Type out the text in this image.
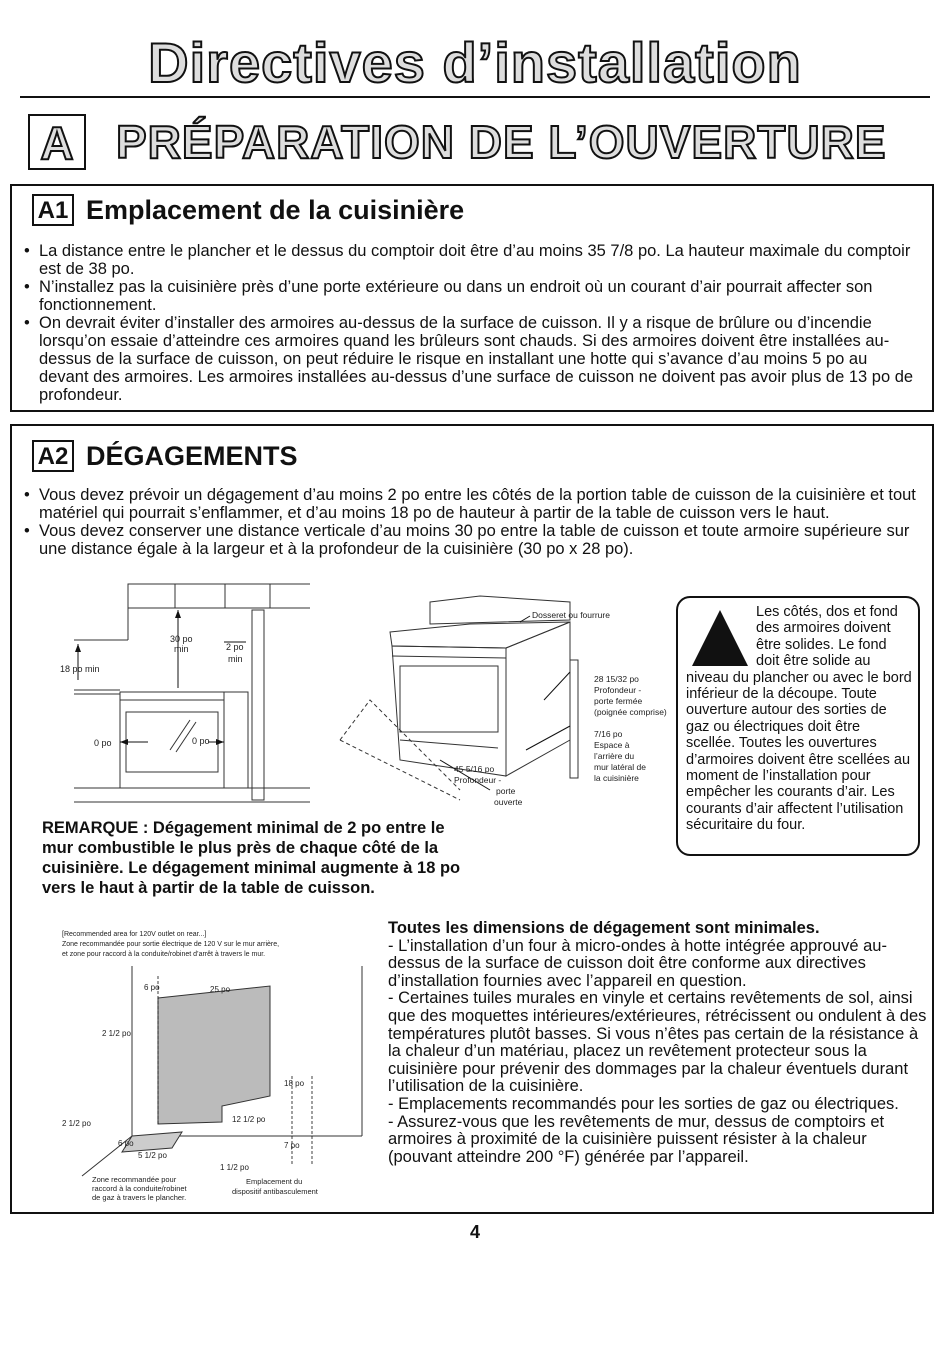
Directives d’installation
A PRÉPARATION DE L’OUVERTURE
A1 Emplacement de la cuisinière
• La distance entre le plancher et le dessus du comptoir doit être d’au moins 35 7/8 po. La hauteur maximale du comptoir est de 38 po.
• N’installez pas la cuisinière près d’une porte extérieure ou dans un endroit où un courant d’air pourrait affecter son fonctionnement.
• On devrait éviter d’installer des armoires au-dessus de la surface de cuisson. Il y a risque de brûlure ou d’incendie lorsqu’on essaie d’atteindre ces armoires quand les brûleurs sont chauds. Si des armoires doivent être installées au-dessus de la surface de cuisson, on peut réduire le risque en installant une hotte qui s’avance d’au moins 5 po au devant des armoires. Les armoires installées au-dessus d’une surface de cuisson ne doivent pas avoir plus de 13 po de profondeur.
A2 DÉGAGEMENTS
• Vous devez prévoir un dégagement d’au moins 2 po entre les côtés de la portion table de cuisson de la cuisinière et tout matériel qui pourrait s’enflammer, et d’au moins 18 po de hauteur à partir de la table de cuisson vers le haut.
• Vous devez conserver une distance verticale d’au moins 30 po entre la table de cuisson et toute armoire supérieure sur une distance égale à la largeur et à la profondeur de la cuisinière (30 po x 28 po).
30 po
min	2 po
min
18 po min
0 po	0 po
Dosseret ou fourrure
28 15/32 po
Profondeur -
porte fermée
(poignée comprise)
7/16 po
Espace à
l’arrière du
mur latéral de
la cuisinière
45 5/16 po
Profondeur -
porte
ouverte
Les côtés, dos et fond des armoires doivent être solides. Le fond doit être solide au niveau du plancher ou avec le bord inférieur de la découpe. Toute ouverture autour des sorties de gaz ou électriques doit être scellée. Toutes les ouvertures d’armoires doivent être scellées au moment de l’installation pour empêcher les courants d’air. Les courants d’air affectent l’utilisation sécuritaire du four.
REMARQUE : Dégagement minimal de 2 po entre le mur combustible le plus près de chaque côté de la cuisinière. Le dégagement minimal augmente à 18 po vers le haut à partir de la table de cuisson.
[Recommended area for 120V outlet on rear...]
Zone recommandée pour sortie électrique de 120 V sur le mur arrière,
et zone pour raccord à la conduite/robinet d’arrêt à travers le mur.
6 po	25 po
2 1/2 po
18 po
2 1/2 po	12 1/2 po
6 po
5 1/2 po
7 po
1 1/2 po
Zone recommandée pour
raccord à la conduite/robinet
de gaz à travers le plancher.
Emplacement du
dispositif antibasculement
Toutes les dimensions de dégagement sont minimales.
- L’installation d’un four à micro-ondes à hotte intégrée approuvé au-dessus de la surface de cuisson doit être conforme aux directives d’installation fournies avec l’appareil en question.
- Certaines tuiles murales en vinyle et certains revêtements de sol, ainsi que des moquettes intérieures/extérieures, rétrécissent ou ondulent à des températures plutôt basses. Si vous n’êtes pas certain de la résistance à la chaleur d’un matériau, placez un revêtement protecteur sous la cuisinière pour prévenir des dommages par la chaleur éventuels durant l’utilisation de la cuisinière.
- Emplacements recommandés pour les sorties de gaz ou électriques.
- Assurez-vous que les revêtements de mur, dessus de comptoirs et armoires à proximité de la cuisinière puissent résister à la chaleur (pouvant atteindre 200 °F) générée par l’appareil.
4
